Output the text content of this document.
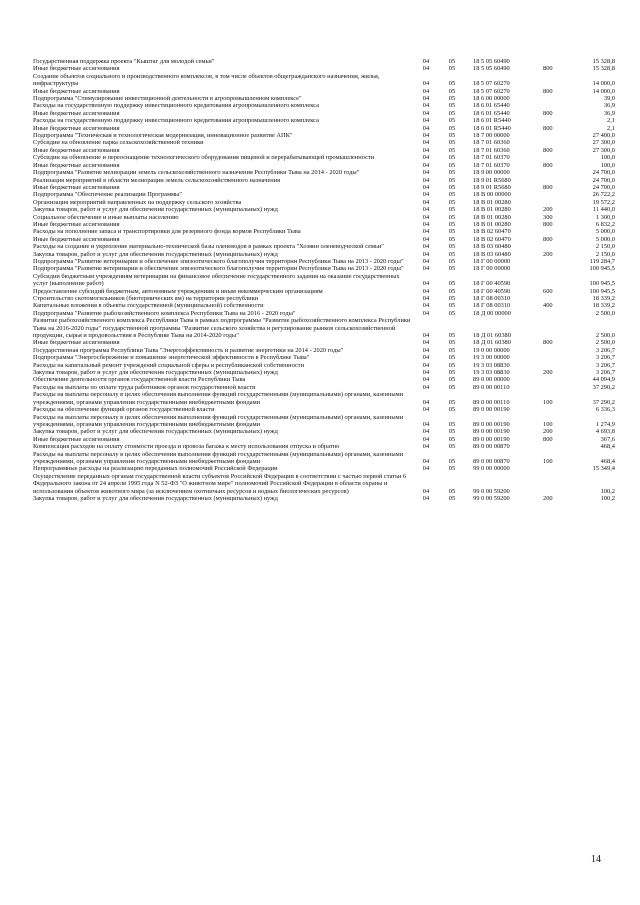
Государственная поддержка проекта "Кыштаг для молодой семьи"	04	05	18 5 05 60490		15 328,8
Иные бюджетные ассигнования	04	05	18 5 05 60490	800	15 328,8
Создание объектов социального и производственного комплексов, в том числе объектов общегражданского назначения, жилья, инфраструктуры	04	05	18 5 07 60270		14 000,0
Иные бюджетные ассигнования	04	05	18 5 07 60270	800	14 000,0
Подпрограмма "Стимулирование инвестиционной деятельности в агропромышленном комплексе"	04	05	18 6 00 00000		39,0
Расходы на государственную поддержку инвестиционного кредитования агропромышленного комплекса	04	05	18 6 01 65440		36,9
Иные бюджетные ассигнования	04	05	18 6 01 65440	800	36,9
Расходы на государственную поддержку инвестиционного кредитования агропромышленного комплекса	04	05	18 6 01 R5440		2,1
Иные бюджетные ассигнования	04	05	18 6 01 R5440	800	2,1
Подпрограмма "Техническая и технологическая модернизация, инновационное развитие АПК"	04	05	18 7 00 00000		27 400,0
Субсидии на обновление парка сельскохозяйственной техники	04	05	18 7 01 60360		27 300,0
Иные бюджетные ассигнования	04	05	18 7 01 60360	800	27 300,0
Субсидии на обновление и переоснащение технологического оборудования пищевой и перерабатывающей промышленности	04	05	18 7 01 60370		100,0
Иные бюджетные ассигнования	04	05	18 7 01 60370	800	100,0
Подпрограмма "Развитие мелиорации земель сельскохозяйственного назначения Республики Тыва на 2014 - 2020 годы"	04	05	18 9 00 00000		24 700,0
Реализация мероприятий в области мелиорации земель сельскохозяйственного назначения	04	05	18 9 01 R5680		24 700,0
Иные бюджетные ассигнования	04	05	18 9 01 R5680	800	24 700,0
Подпрограмма "Обеспечение реализации Программы"	04	05	18 В 00 00000		26 722,2
Организация мероприятий направленных на поддержку сельского хозяйства	04	05	18 В 01 00280		19 572,2
Закупка товаров, работ и услуг для обеспечения государственных (муниципальных) нужд	04	05	18 В 01 00280	200	11 440,0
Социальное обеспечение и иные выплаты населению	04	05	18 В 01 00280	300	1 300,0
Иные бюджетные ассигнования	04	05	18 В 01 00280	800	6 832,2
Расходы на пополнение запаса и транспортировки для резервного фонда кормов Республики Тыва	04	05	18 В 02 60470		5 000,0
Иные бюджетные ассигнования	04	05	18 В 02 60470	800	5 000,0
Расходы на создание и укрепление материально-технической базы оленеводов в рамках проекта "Хозяин оленеводческой семьи"	04	05	18 В 03 60480		2 150,0
Закупка товаров, работ и услуг для обеспечения государственных (муниципальных) нужд	04	05	18 В 03 60480	200	2 150,0
Подпрограмма "Развитие ветеринарии и обеспечение эпизоотического благополучия территории Республики Тыва на 2013 - 2020 годы"	04	05	18 Г 00 00000		119 284,7
Подпрограмма "Развитие ветеринарии и обеспечение эпизоотического благополучия территории Республики Тыва на 2013 - 2020 годы"	04	05	18 Г 00 00000		100 945,5
Субсидии бюджетным учреждениям ветеринарии на финансовое обеспечение государственного задания на оказание государственных услуг (выполнение работ)	04	05	18 Г 00 40590		100 945,5
Предоставление субсидий бюджетным, автономным учреждениям и иным некоммерческим организациям	04	05	18 Г 00 40590	600	100 945,5
Строительство скотомогильников (биотермических ям) на территории республики	04	05	18 Г 08 00310		18 339,2
Капитальные вложения в объекты государственной (муниципальной) собственности	04	05	18 Г 08 00310	400	18 339,2
Подпрограмма "Развитие рыбохозяйственного комплекса Республики Тыва на 2016 - 2020 годы"	04	05	18 Д 00 00000		2 500,0
Развитие рыбохозяйственного комплекса Республики Тыва в рамках подпрограммы "Развитие рыбохозяйственного комплекса Республики Тыва на 2016-2020 годы" государственной программы "Развитие сельского хозяйства и регулирование рынков сельскохозяйственной продукции, сырья и продовольствия в Республике Тыва на 2014-2020 годы"	04	05	18 Д 01 60380		2 500,0
Иные бюджетные ассигнования	04	05	18 Д 01 60380	800	2 500,0
Государственная программа Республики Тыва "Энергоэффективность и развитие энергетики на 2014 - 2020 годы"	04	05	19 0 00 00000		3 206,7
Подпрограмма "Энергосбережение и повышение энергетической эффективности в Республике Тыва"	04	05	19 3 00 00000		3 206,7
Расходы на капитальный ремонт учреждений социальной сферы и республиканской собственности	04	05	19 3 03 08830		3 206,7
Закупка товаров, работ и услуг для обеспечения государственных (муниципальных) нужд	04	05	19 3 03 08830	200	3 206,7
Обеспечение деятельности органов государственной власти Республики Тыва	04	05	89 0 00 00000		44 094,9
Расходы на выплаты по оплате труда работников органов государственной власти	04	05	89 0 00 00110		37 290,2
Расходы на выплаты персоналу в целях обеспечения выполнения функций государственными (муниципальными) органами, казенными учреждениями, органами управления государственными внебюджетными фондами	04	05	89 0 00 00110	100	37 290,2
Расходы на обеспечение функций органов государственной власти	04	05	89 0 00 00190		6 336,3
Расходы на выплаты персоналу в целях обеспечения выполнения функций государственными (муниципальными) органами, казенными учреждениями, органами управления государственными внебюджетными фондами	04	05	89 0 00 00190	100	1 274,9
Закупка товаров, работ и услуг для обеспечения государственных (муниципальных) нужд	04	05	89 0 00 00190	200	4 693,8
Иные бюджетные ассигнования	04	05	89 0 00 00190	800	367,6
Компенсация расходов на оплату стоимости проезда и провоза багажа к месту использования отпуска и обратно	04	05	89 0 00 00870		468,4
Расходы на выплаты персоналу в целях обеспечения выполнения функций государственными (муниципальными) органами, казенными учреждениями, органами управления государственными внебюджетными фондами	04	05	89 0 00 00870	100	468,4
Непрограммные расходы на реализацию переданных полномочий Российской Федерации	04	05	99 0 00 00000		15 349,4
Осуществление переданных органам государственной власти субъектов Российской Федерации в соответствии с частью первой статьи 6 Федерального закона от 24 апреля 1995 года N 52-ФЗ "О животном мире" полномочий Российской Федерации в области охраны и использования объектов животного мира (за исключением охотничьих ресурсов и водных биологических ресурсов)	04	05	99 0 00 59200		100,2
Закупка товаров, работ и услуг для обеспечения государственных (муниципальных) нужд	04	05	99 0 00 59200	200	100,2
14
